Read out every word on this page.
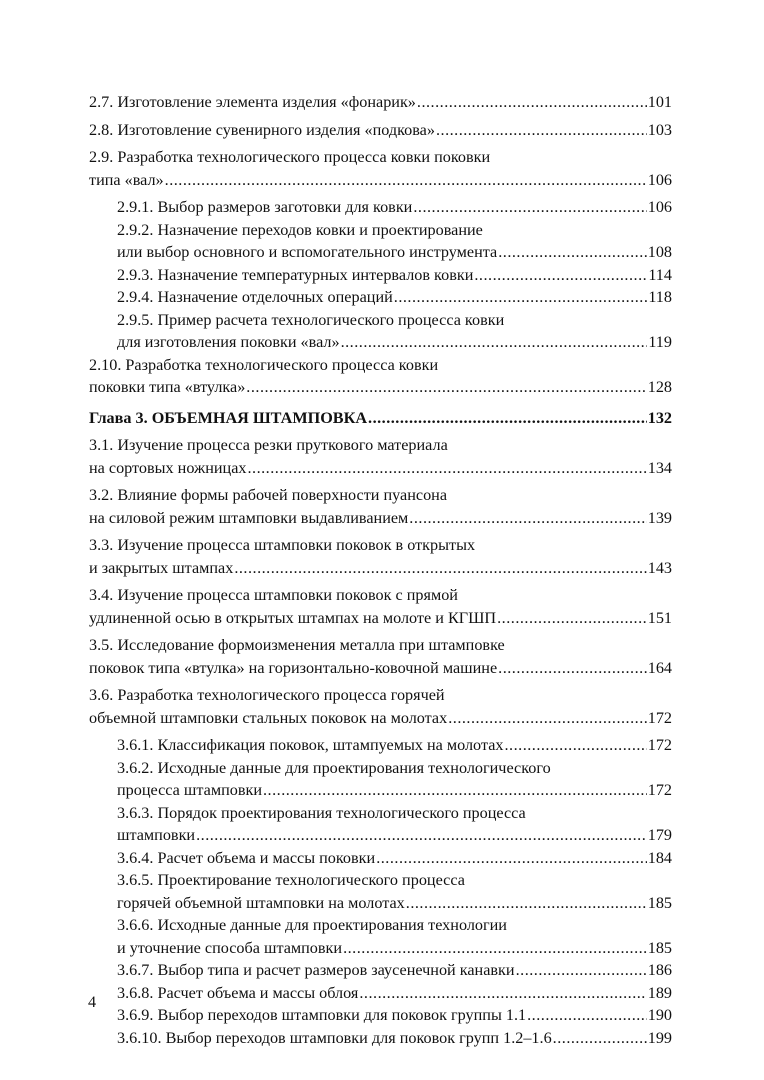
2.7. Изготовление элемента изделия «фонарик» .....	101
2.8. Изготовление сувенирного изделия «подкова» .....	103
2.9. Разработка технологического процесса ковки поковки
типа «вал» .....	106
2.9.1. Выбор размеров заготовки для ковки .....	106
2.9.2. Назначение переходов ковки и проектирование
или выбор основного и вспомогательного инструмента .....	108
2.9.3. Назначение температурных интервалов ковки .....	114
2.9.4. Назначение отделочных операций .....	118
2.9.5. Пример расчета технологического процесса ковки
для изготовления поковки «вал» .....	119
2.10. Разработка технологического процесса ковки
поковки типа «втулка» .....	128
Глава 3. ОБЪЕМНАЯ ШТАМПОВКА .....	132
3.1. Изучение процесса резки пруткового материала
на сортовых ножницах .....	134
3.2. Влияние формы рабочей поверхности пуансона
на силовой режим штамповки выдавливанием .....	139
3.3. Изучение процесса штамповки поковок в открытых
и закрытых штампах .....	143
3.4. Изучение процесса штамповки поковок с прямой
удлиненной осью в открытых штампах на молоте и КГШП .....	151
3.5. Исследование формоизменения металла при штамповке
поковок типа «втулка» на горизонтально-ковочной машине .....	164
3.6. Разработка технологического процесса горячей
объемной штамповки стальных поковок на молотах .....	172
3.6.1. Классификация поковок, штампуемых на молотах .....	172
3.6.2. Исходные данные для проектирования технологического
процесса штамповки .....	172
3.6.3. Порядок проектирования технологического процесса
штамповки .....	179
3.6.4. Расчет объема и массы поковки .....	184
3.6.5. Проектирование технологического процесса
горячей объемной штамповки на молотах .....	185
3.6.6. Исходные данные для проектирования технологии
и уточнение способа штамповки .....	185
3.6.7. Выбор типа и расчет размеров заусенечной канавки .....	186
3.6.8. Расчет объема и массы облоя .....	189
3.6.9. Выбор переходов штамповки для поковок группы 1.1 .....	190
3.6.10. Выбор переходов штамповки для поковок групп 1.2–1.6 .....	199
4
